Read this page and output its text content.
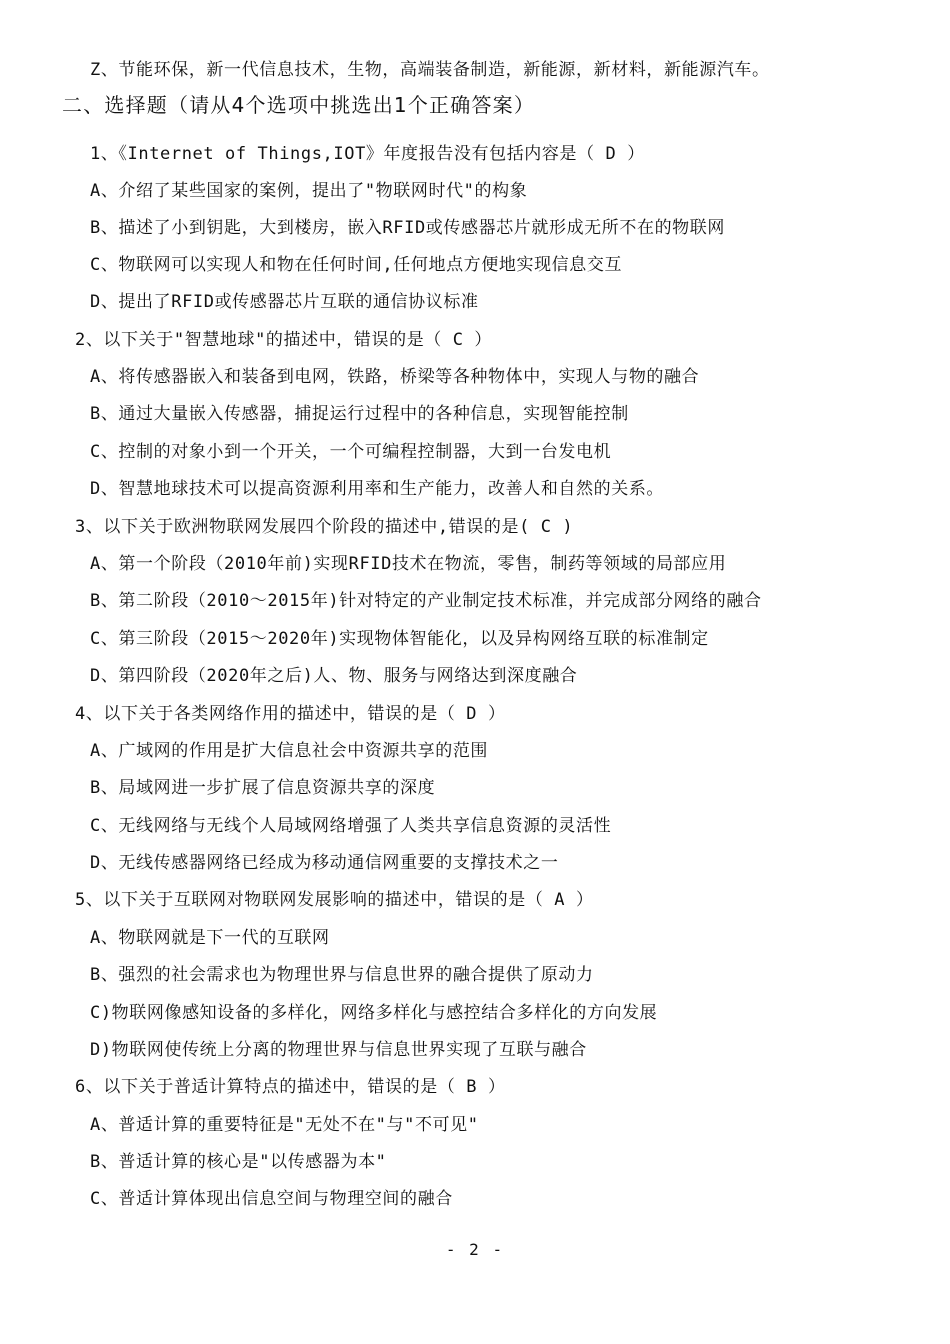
Z、节能环保，新一代信息技术，生物，高端装备制造，新能源，新材料，新能源汽车。
二、选择题（请从4个选项中挑选出1个正确答案）
1、《Internet of Things,IOT》年度报告没有包括内容是（ D ）
A、介绍了某些国家的案例，提出了"物联网时代"的构象
B、描述了小到钥匙，大到楼房，嵌入RFID或传感器芯片就形成无所不在的物联网
C、物联网可以实现人和物在任何时间,任何地点方便地实现信息交互
D、提出了RFID或传感器芯片互联的通信协议标准
2、以下关于"智慧地球"的描述中，错误的是（ C ）
A、将传感器嵌入和装备到电网，铁路，桥梁等各种物体中，实现人与物的融合
B、通过大量嵌入传感器，捕捉运行过程中的各种信息，实现智能控制
C、控制的对象小到一个开关，一个可编程控制器，大到一台发电机
D、智慧地球技术可以提高资源利用率和生产能力，改善人和自然的关系。
3、以下关于欧洲物联网发展四个阶段的描述中,错误的是( C )
A、第一个阶段（2010年前)实现RFID技术在物流，零售，制药等领域的局部应用
B、第二阶段（2010～2015年)针对特定的产业制定技术标准，并完成部分网络的融合
C、第三阶段（2015～2020年)实现物体智能化，以及异构网络互联的标准制定
D、第四阶段（2020年之后)人、物、服务与网络达到深度融合
4、以下关于各类网络作用的描述中，错误的是（ D ）
A、广域网的作用是扩大信息社会中资源共享的范围
B、局域网进一步扩展了信息资源共享的深度
C、无线网络与无线个人局域网络增强了人类共享信息资源的灵活性
D、无线传感器网络已经成为移动通信网重要的支撑技术之一
5、以下关于互联网对物联网发展影响的描述中，错误的是（ A ）
A、物联网就是下一代的互联网
B、强烈的社会需求也为物理世界与信息世界的融合提供了原动力
C)物联网像感知设备的多样化，网络多样化与感控结合多样化的方向发展
D)物联网使传统上分离的物理世界与信息世界实现了互联与融合
6、以下关于普适计算特点的描述中，错误的是（ B ）
A、普适计算的重要特征是"无处不在"与"不可见"
B、普适计算的核心是"以传感器为本"
C、普适计算体现出信息空间与物理空间的融合
- 2 -
